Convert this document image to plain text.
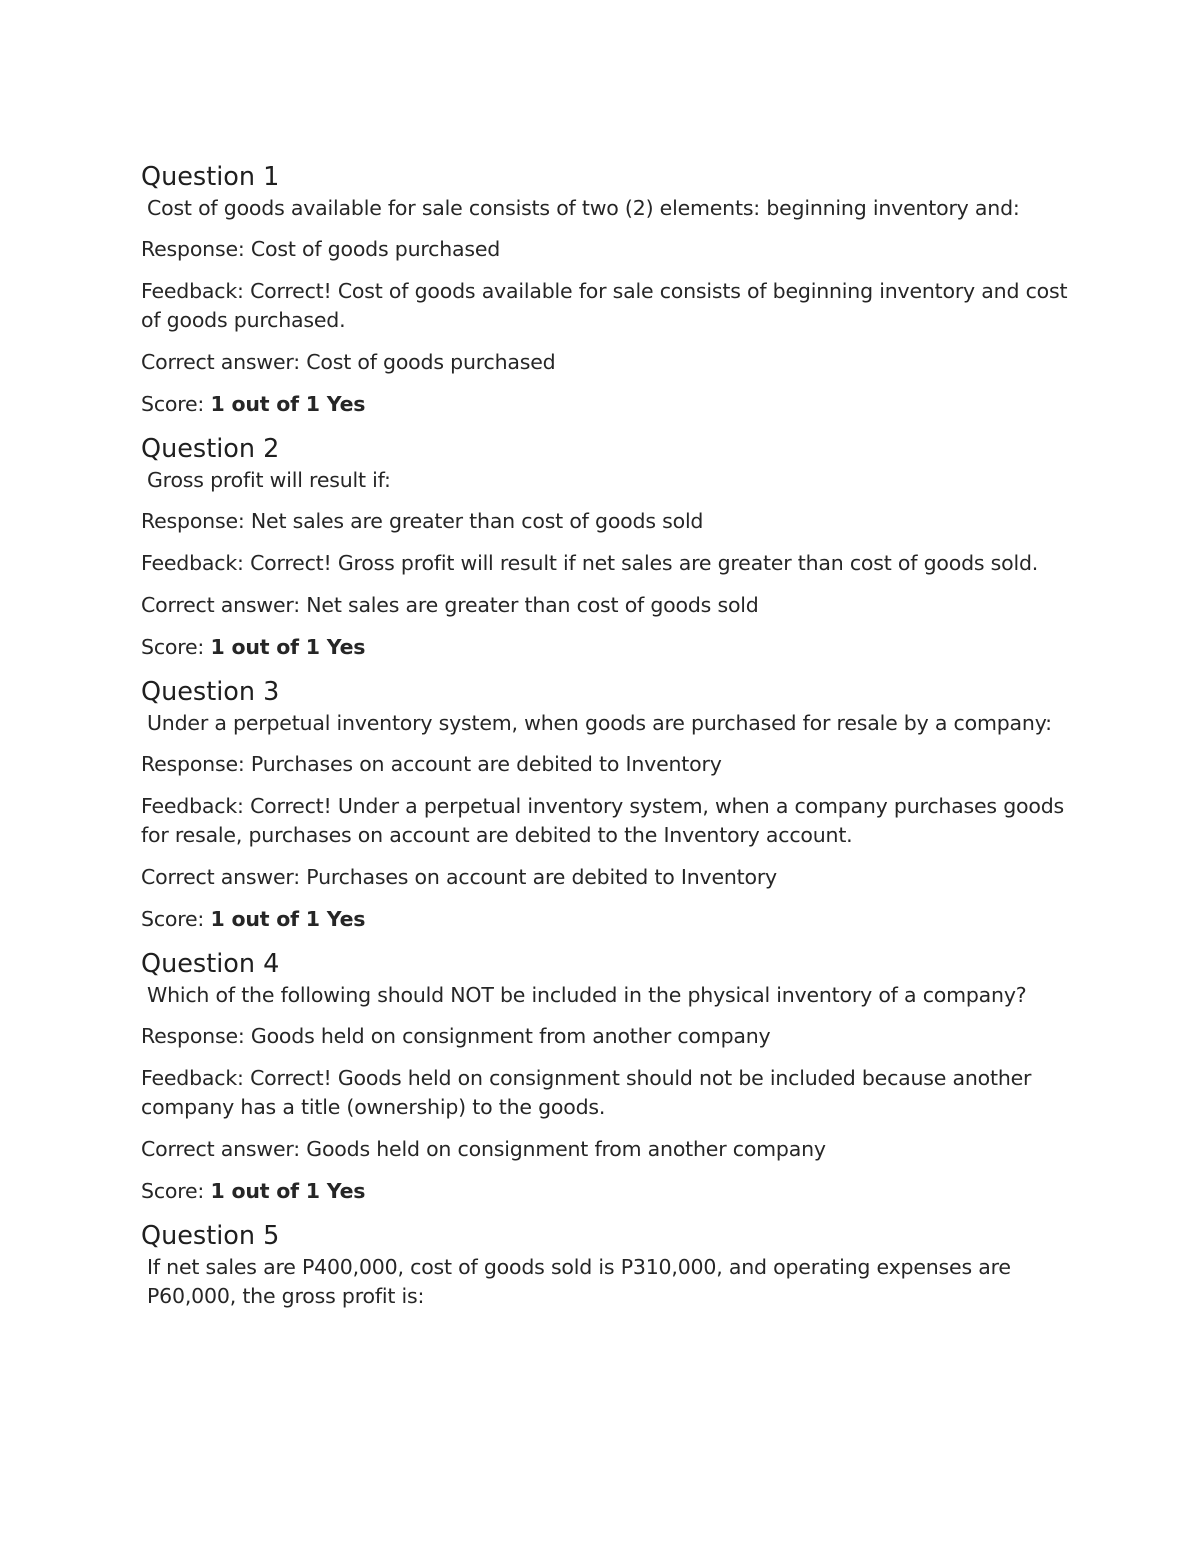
Question 1
Cost of goods available for sale consists of two (2) elements: beginning inventory and:
Response: Cost of goods purchased
Feedback: Correct! Cost of goods available for sale consists of beginning inventory and cost of goods purchased.
Correct answer: Cost of goods purchased
Score: 1 out of 1 Yes
Question 2
Gross profit will result if:
Response: Net sales are greater than cost of goods sold
Feedback: Correct! Gross profit will result if net sales are greater than cost of goods sold.
Correct answer: Net sales are greater than cost of goods sold
Score: 1 out of 1 Yes
Question 3
Under a perpetual inventory system, when goods are purchased for resale by a company:
Response: Purchases on account are debited to Inventory
Feedback: Correct! Under a perpetual inventory system, when a company purchases goods for resale, purchases on account are debited to the Inventory account.
Correct answer: Purchases on account are debited to Inventory
Score: 1 out of 1 Yes
Question 4
Which of the following should NOT be included in the physical inventory of a company?
Response: Goods held on consignment from another company
Feedback: Correct! Goods held on consignment should not be included because another company has a title (ownership) to the goods.
Correct answer: Goods held on consignment from another company
Score: 1 out of 1 Yes
Question 5
If net sales are P400,000, cost of goods sold is P310,000, and operating expenses are P60,000, the gross profit is:
